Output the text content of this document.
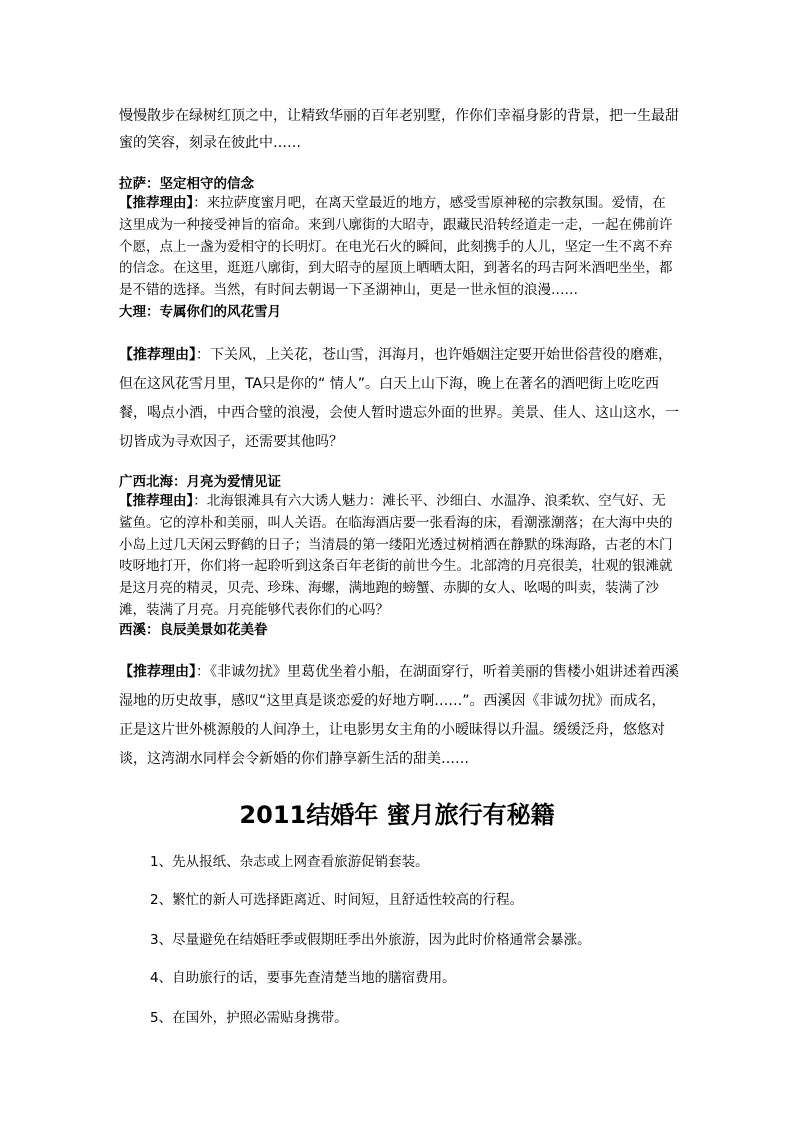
慢慢散步在绿树红顶之中，让精致华丽的百年老别墅，作你们幸福身影的背景，把一生最甜蜜的笑容，刻录在彼此中……

拉萨：坚定相守的信念

【推荐理由】：来拉萨度蜜月吧，在离天堂最近的地方，感受雪原神秘的宗教氛围。爱情，在这里成为一种接受神旨的宿命。来到八廓街的大昭寺，跟藏民沿转经道走一走，一起在佛前许个愿，点上一盏为爱相守的长明灯。在电光石火的瞬间，此刻携手的人儿，坚定一生不离不弃的信念。在这里，逛逛八廓街，到大昭寺的屋顶上晒晒太阳，到著名的玛吉阿米酒吧坐坐，都是不错的选择。当然，有时间去朝谒一下圣湖神山，更是一世永恒的浪漫……

大理：专属你们的风花雪月

【推荐理由】：下关风，上关花，苍山雪，洱海月，也许婚姻注定要开始世俗营役的磨难，但在这风花雪月里，TA只是你的“ 情人”。白天上山下海，晚上在著名的酒吧街上吃吃西餐，喝点小酒，中西合璧的浪漫，会使人暂时遗忘外面的世界。美景、佳人、这山这水，一切皆成为寻欢因子，还需要其他吗？

广西北海：月亮为爱情见证

【推荐理由】：北海银滩具有六大诱人魅力：滩长平、沙细白、水温净、浪柔软、空气好、无鲨鱼。它的淳朴和美丽，叫人关语。在临海酒店要一张看海的床，看潮涨潮落；在大海中央的小岛上过几天闲云野鹤的日子；当清晨的第一缕阳光透过树梢洒在静默的珠海路，古老的木门吱呀地打开，你们将一起聆听到这条百年老街的前世今生。北部湾的月亮很美，壮观的银滩就是这月亮的精灵，贝壳、珍珠、海螺，满地跑的螃蟹、赤脚的女人、吆喝的叫卖，装满了沙滩，装满了月亮。月亮能够代表你们的心吗？

西溪：良辰美景如花美眷

【推荐理由】：《非诚勿扰》里葛优坐着小船，在湖面穿行，听着美丽的售楼小姐讲述着西溪湿地的历史故事，感叹“这里真是谈恋爱的好地方啊……”。西溪因《非诚勿扰》而成名，正是这片世外桃源般的人间净土，让电影男女主角的小暧昧得以升温。缓缓泛舟，悠悠对谈，这湾湖水同样会令新婚的你们静享新生活的甜美……

2011结婚年 蜜月旅行有秘籍
1、先从报纸、杂志或上网查看旅游促销套装。
2、繁忙的新人可选择距离近、时间短，且舒适性较高的行程。
3、尽量避免在结婚旺季或假期旺季出外旅游，因为此时价格通常会暴涨。
4、自助旅行的话，要事先查清楚当地的膳宿费用。
5、在国外，护照必需贴身携带。
